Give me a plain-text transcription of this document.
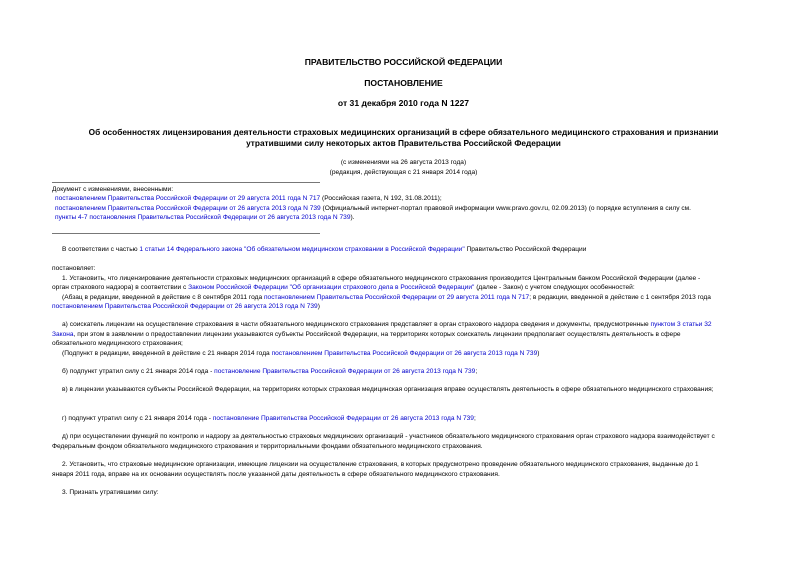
ПРАВИТЕЛЬСТВО РОССИЙСКОЙ ФЕДЕРАЦИИ
ПОСТАНОВЛЕНИЕ
от 31 декабря 2010 года N 1227
Об особенностях лицензирования деятельности страховых медицинских организаций в сфере обязательного медицинского страхования и признании
утратившими силу некоторых актов Правительства Российской Федерации
(с изменениями на 26 августа 2013 года)
(редакция, действующая с 21 января 2014 года)
Документ с изменениями, внесенными:
постановлением Правительства Российской Федерации от 29 августа 2011 года N 717 (Российская газета, N 192, 31.08.2011);
постановлением Правительства Российской Федерации от 26 августа 2013 года N 739 (Официальный интернет-портал правовой информации www.pravo.gov.ru, 02.09.2013) (о порядке вступления в силу см.
пункты 4-7 постановления Правительства Российской Федерации от 26 августа 2013 года N 739).
В соответствии с частью 1 статьи 14 Федерального закона "Об обязательном медицинском страховании в Российской Федерации" Правительство Российской Федерации
постановляет:
1. Установить, что лицензирование деятельности страховых медицинских организаций в сфере обязательного медицинского страхования производится Центральным банком Российской Федерации (далее -
орган страхового надзора) в соответствии с Законом Российской Федерации "Об организации страхового дела в Российской Федерации" (далее - Закон) с учетом следующих особенностей:
(Абзац в редакции, введенной в действие с 8 сентября 2011 года постановлением Правительства Российской Федерации от 29 августа 2011 года N 717; в редакции, введенной в действие с 1 сентября 2013 года
постановлением Правительства Российской Федерации от 26 августа 2013 года N 739)
а) соискатель лицензии на осуществление страхования в части обязательного медицинского страхования представляет в орган страхового надзора сведения и документы, предусмотренные пунктом 3 статьи 32
Закона, при этом в заявлении о предоставлении лицензии указываются субъекты Российской Федерации, на территориях которых соискатель лицензии предполагает осуществлять деятельность в сфере
обязательного медицинского страхования;
(Подпункт в редакции, введенной в действие с 21 января 2014 года постановлением Правительства Российской Федерации от 26 августа 2013 года N 739)
б) подпункт утратил силу с 21 января 2014 года - постановление Правительства Российской Федерации от 26 августа 2013 года N 739;
в) в лицензии указываются субъекты Российской Федерации, на территориях которых страховая медицинская организация вправе осуществлять деятельность в сфере обязательного медицинского страхования;
г) подпункт утратил силу с 21 января 2014 года - постановление Правительства Российской Федерации от 26 августа 2013 года N 739;
д) при осуществлении функций по контролю и надзору за деятельностью страховых медицинских организаций - участников обязательного медицинского страхования орган страхового надзора взаимодействует с
Федеральным фондом обязательного медицинского страхования и территориальными фондами обязательного медицинского страхования.
2. Установить, что страховые медицинские организации, имеющие лицензии на осуществление страхования, в которых предусмотрено проведение обязательного медицинского страхования, выданные до 1
января 2011 года, вправе на их основании осуществлять после указанной даты деятельность в сфере обязательного медицинского страхования.
3. Признать утратившими силу:
